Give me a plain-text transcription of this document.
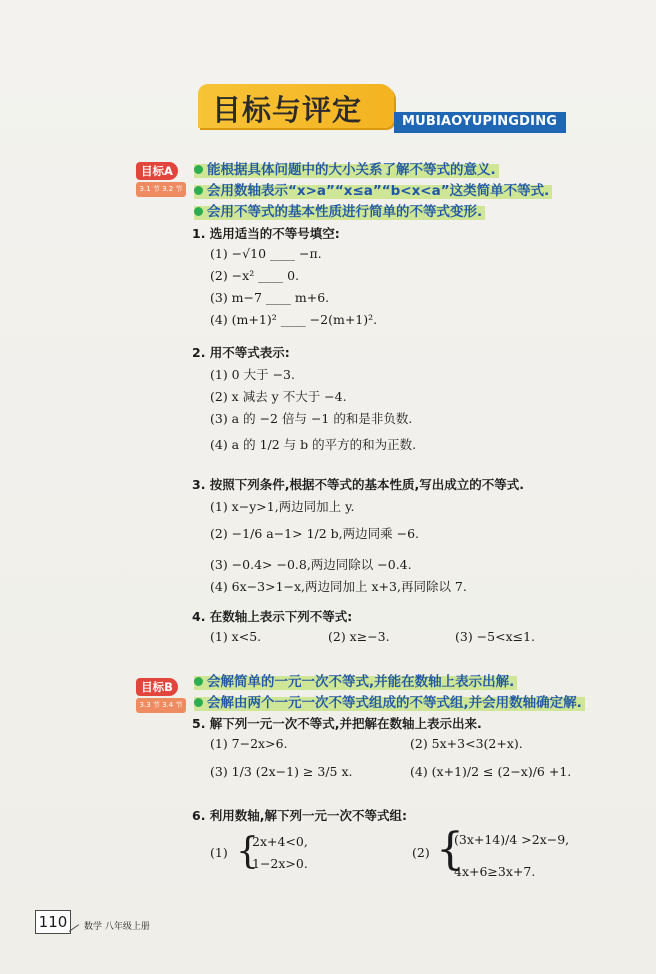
目标与评定	MUBIAOYUPINGDING
目标A
3.1 节 3.2 节
能根据具体问题中的大小关系了解不等式的意义.
会用数轴表示“x>a”“x≤a”“b<x<a”这类简单不等式.
会用不等式的基本性质进行简单的不等式变形.
1. 选用适当的不等号填空:
(1) −√10 ____ −π.
(2) −x² ____ 0.
(3) m−7 ____ m+6.
(4) (m+1)² ____ −2(m+1)².
2. 用不等式表示:
(1) 0 大于 −3.
(2) x 减去 y 不大于 −4.
(3) a 的 −2 倍与 −1 的和是非负数.
(4) a 的 1/2 与 b 的平方的和为正数.
3. 按照下列条件,根据不等式的基本性质,写出成立的不等式.
(1) x−y>1,两边同加上 y.
(2) −1/6 a−1> 1/2 b,两边同乘 −6.
(3) −0.4> −0.8,两边同除以 −0.4.
(4) 6x−3>1−x,两边同加上 x+3,再同除以 7.
4. 在数轴上表示下列不等式:
(1) x<5.	(2) x≥−3.	(3) −5<x≤1.
目标B
3.3 节 3.4 节
会解简单的一元一次不等式,并能在数轴上表示出解.
会解由两个一元一次不等式组成的不等式组,并会用数轴确定解.
5. 解下列一元一次不等式,并把解在数轴上表示出来.
(1) 7−2x>6.	(2) 5x+3<3(2+x).
(3) 1/3 (2x−1) ≥ 3/5 x.	(4) (x+1)/2 ≤ (2−x)/6 +1.
6. 利用数轴,解下列一元一次不等式组:
(1) {
2x+4<0,
1−2x>0.
(2) {
(3x+14)/4 >2x−9,
4x+6≥3x+7.
110	数学 八年级上册
